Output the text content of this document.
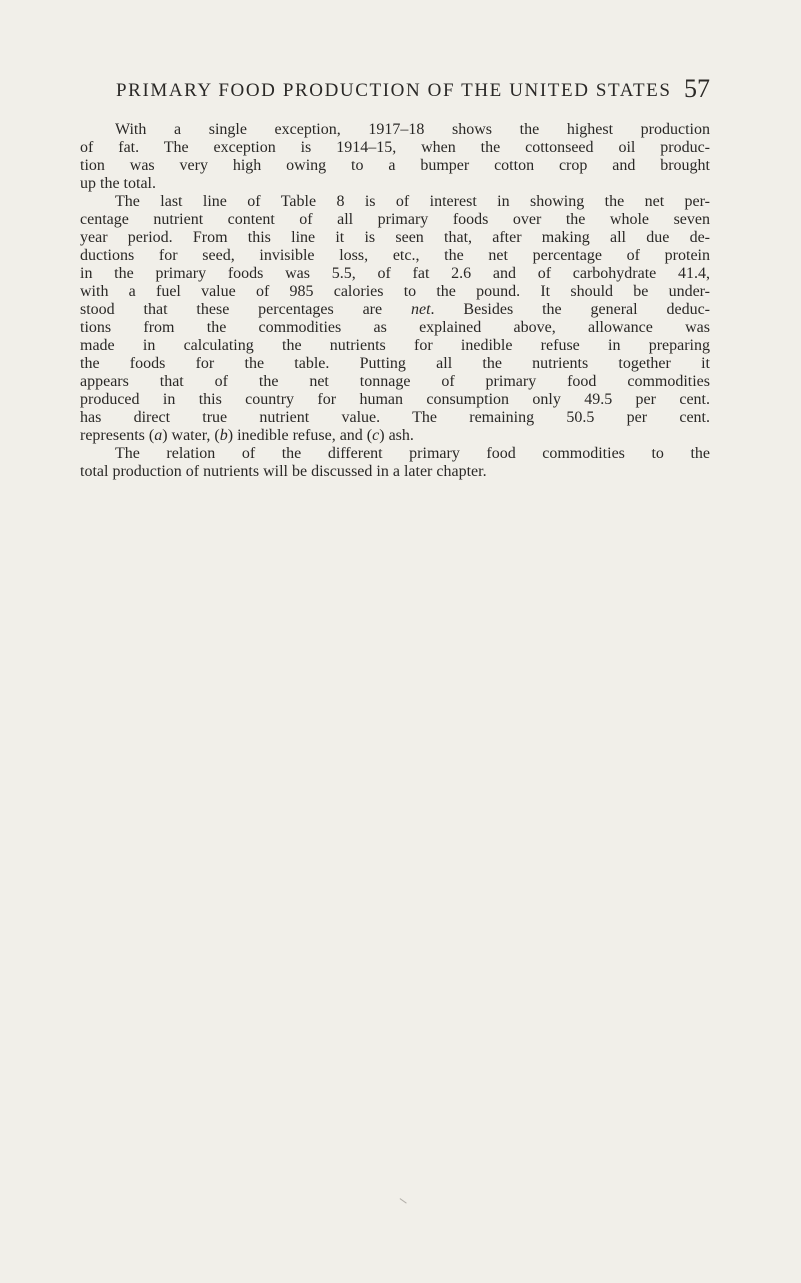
PRIMARY FOOD PRODUCTION OF THE UNITED STATES 57
With a single exception, 1917–18 shows the highest production
of fat. The exception is 1914–15, when the cottonseed oil produc-
tion was very high owing to a bumper cotton crop and brought
up the total.
The last line of Table 8 is of interest in showing the net per-
centage nutrient content of all primary foods over the whole seven
year period. From this line it is seen that, after making all due de-
ductions for seed, invisible loss, etc., the net percentage of protein
in the primary foods was 5.5, of fat 2.6 and of carbohydrate 41.4,
with a fuel value of 985 calories to the pound. It should be under-
stood that these percentages are net. Besides the general deduc-
tions from the commodities as explained above, allowance was
made in calculating the nutrients for inedible refuse in preparing
the foods for the table. Putting all the nutrients together it
appears that of the net tonnage of primary food commodities
produced in this country for human consumption only 49.5 per cent.
has direct true nutrient value. The remaining 50.5 per cent.
represents (a) water, (b) inedible refuse, and (c) ash.
The relation of the different primary food commodities to the
total production of nutrients will be discussed in a later chapter.
